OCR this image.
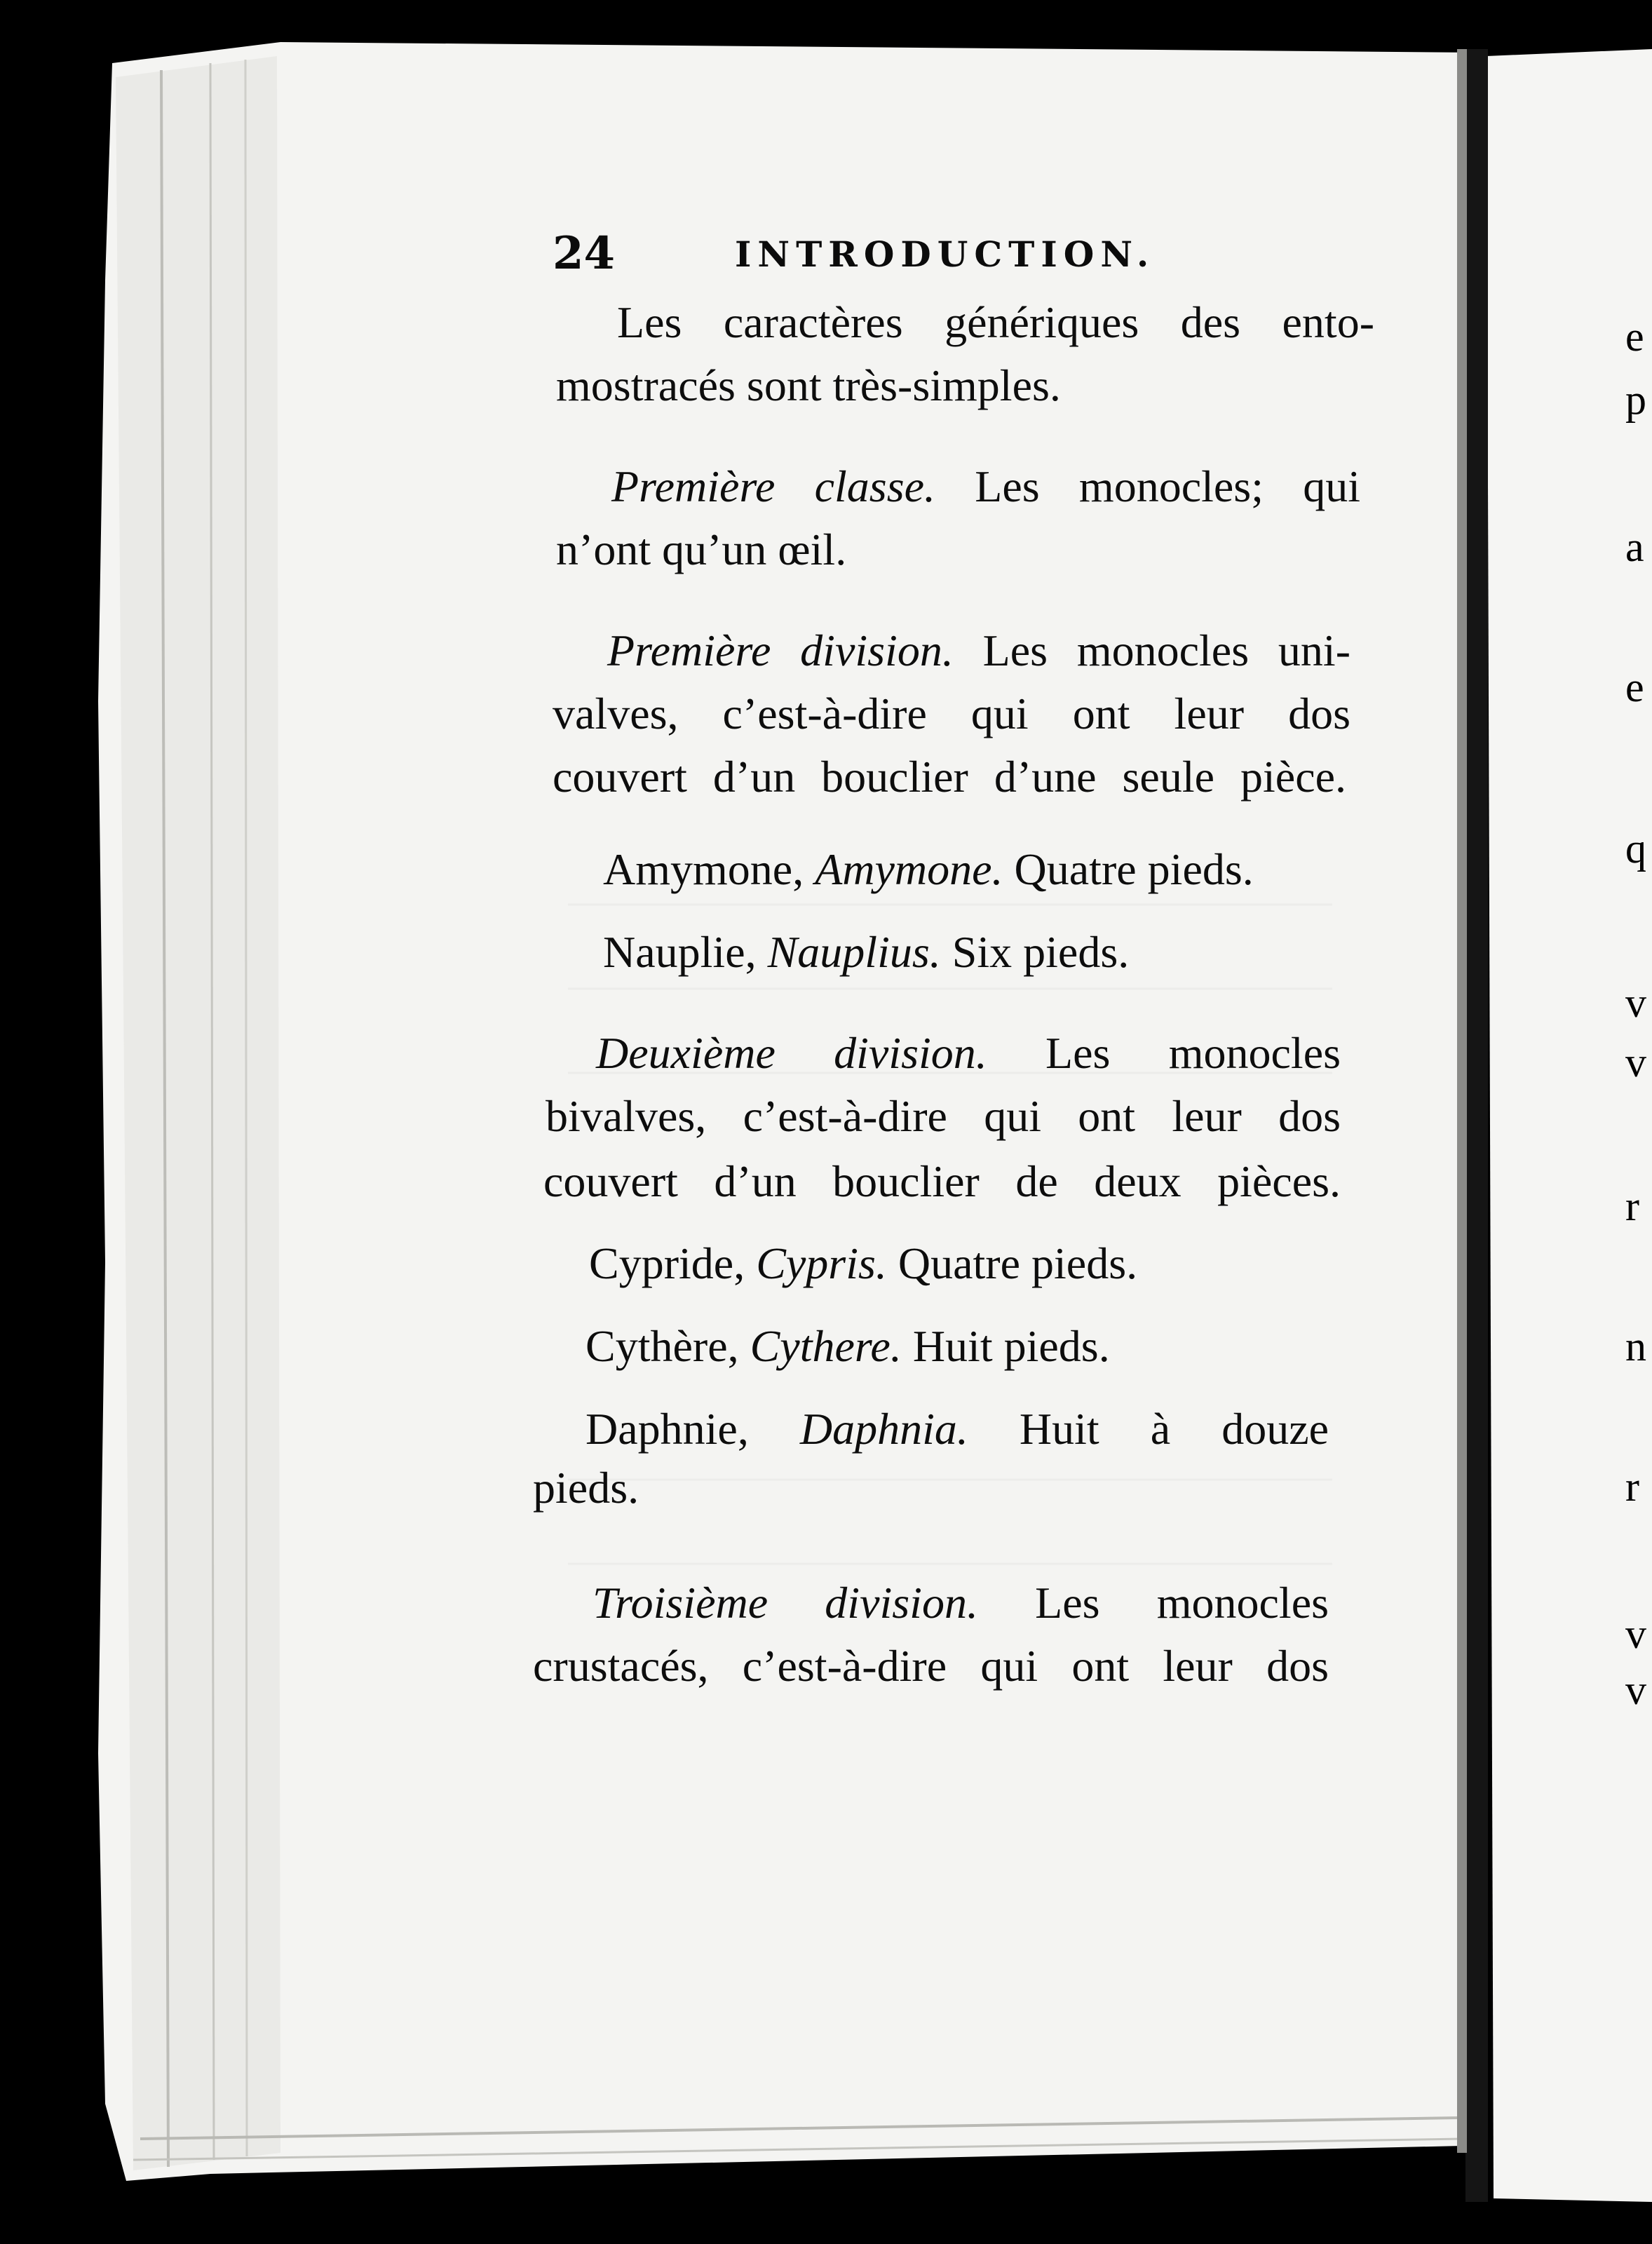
24	INTRODUCTION.
Les caractères génériques des ento-
mostracés sont très-simples.
Première classe. Les monocles; qui
n’ont qu’un œil.
Première division. Les monocles uni-
valves, c’est-à-dire qui ont leur dos
couvert d’un bouclier d’une seule pièce.
Amymone, Amymone. Quatre pieds.
Nauplie, Nauplius. Six pieds.
Deuxième division. Les monocles
bivalves, c’est-à-dire qui ont leur dos
couvert d’un bouclier de deux pièces.
Cypride, Cypris. Quatre pieds.
Cythère, Cythere. Huit pieds.
Daphnie, Daphnia. Huit à douze
pieds.
Troisième division. Les monocles
crustacés, c’est-à-dire qui ont leur dos
e
p
a
e
q
v
v
r
n
r
v
v
